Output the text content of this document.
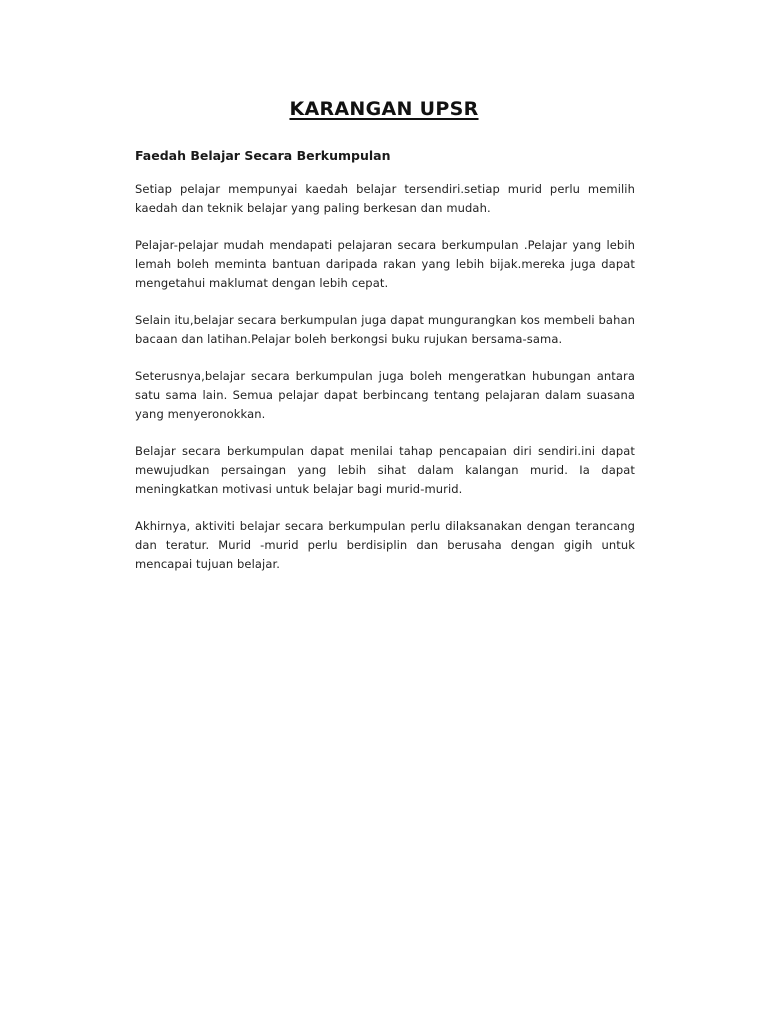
KARANGAN UPSR
Faedah Belajar Secara Berkumpulan

Setiap pelajar mempunyai kaedah belajar tersendiri.setiap murid perlu memilih kaedah dan teknik belajar yang paling berkesan dan mudah.

Pelajar-pelajar mudah mendapati pelajaran secara berkumpulan .Pelajar yang lebih lemah boleh meminta bantuan daripada rakan yang lebih bijak.mereka juga dapat mengetahui maklumat dengan lebih cepat.

Selain itu,belajar secara berkumpulan juga dapat mungurangkan kos membeli bahan bacaan dan latihan.Pelajar boleh berkongsi buku rujukan bersama-sama.

Seterusnya,belajar secara berkumpulan juga boleh mengeratkan hubungan antara satu sama lain. Semua pelajar dapat berbincang tentang pelajaran dalam suasana yang menyeronokkan.

Belajar secara berkumpulan dapat menilai tahap pencapaian diri sendiri.ini dapat mewujudkan persaingan yang lebih sihat dalam kalangan murid. Ia dapat meningkatkan motivasi untuk belajar bagi murid-murid.

Akhirnya, aktiviti belajar secara berkumpulan perlu dilaksanakan dengan terancang dan teratur. Murid -murid perlu berdisiplin dan berusaha dengan gigih untuk mencapai tujuan belajar.
